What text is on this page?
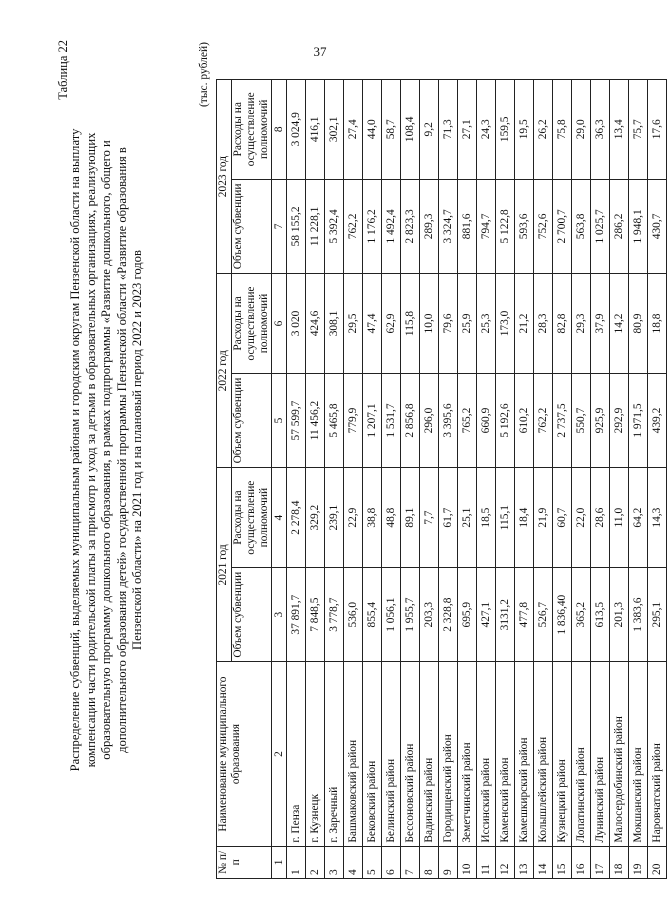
37
Таблица 22
Распределение субвенций, выделяемых муниципальным районам и городским округам Пензенской области на выплату компенсации части родительской платы за присмотр и уход за детьми в образовательных организациях, реализующих образовательную программу дошкольного образования, в рамках подпрограммы «Развитие дошкольного, общего и дополнительного образования детей» государственной программы Пензенской области «Развитие образования в Пензенской области» на 2021 год и на плановый период 2022 и 2023 годов
(тыс. рублей)
№ п/п	Наименование муниципального образования	2021 год		2022 год		2023 год	
		Объем субвенции	Расходы на осуществление полномочий	Объем субвенции	Расходы на осуществление полномочий	Объем субвенции	Расходы на осуществление полномочий
1	2	3	4	5	6	7	8
1	г. Пенза	37 891,7	2 278,4	57 599,7	3 020	58 155,2	3 024,9
2	г. Кузнецк	7 848,5	329,2	11 456,2	424,6	11 228,1	416,1
3	г. Заречный	3 778,7	239,1	5 465,8	308,1	5 392,4	302,1
4	Башмаковский район	536,0	22,9	779,9	29,5	762,2	27,4
5	Бековский район	855,4	38,8	1 207,1	47,4	1 176,2	44,0
6	Белинский район	1 056,1	48,8	1 531,7	62,9	1 492,4	58,7
7	Бессоновский район	1 955,7	89,1	2 856,8	115,8	2 823,3	108,4
8	Вадинский район	203,3	7,7	296,0	10,0	289,3	9,2
9	Городищенский район	2 328,8	61,7	3 395,6	79,6	3 324,7	71,3
10	Земетчинский район	695,9	25,1	765,2	25,9	881,6	27,1
11	Иссинский район	427,1	18,5	660,9	25,3	794,7	24,3
12	Каменский район	3131,2	115,1	5 192,6	173,0	5 122,8	159,5
13	Камешкирский район	477,8	18,4	610,2	21,2	593,6	19,5
14	Колышлейский район	526,7	21,9	762,2	28,3	752,6	26,2
15	Кузнецкий район	1 836,40	60,7	2 737,5	82,8	2 700,7	75,8
16	Лопатинский район	365,2	22,0	550,7	29,3	563,8	29,0
17	Лунинский район	613,5	28,6	925,9	37,9	1 025,7	36,3
18	Малосердобинский район	201,3	11,0	292,9	14,2	286,2	13,4
19	Мокшанский район	1 383,6	64,2	1 971,5	80,9	1 948,1	75,7
20	Наровчатский район	295,1	14,3	439,2	18,8	430,7	17,6
